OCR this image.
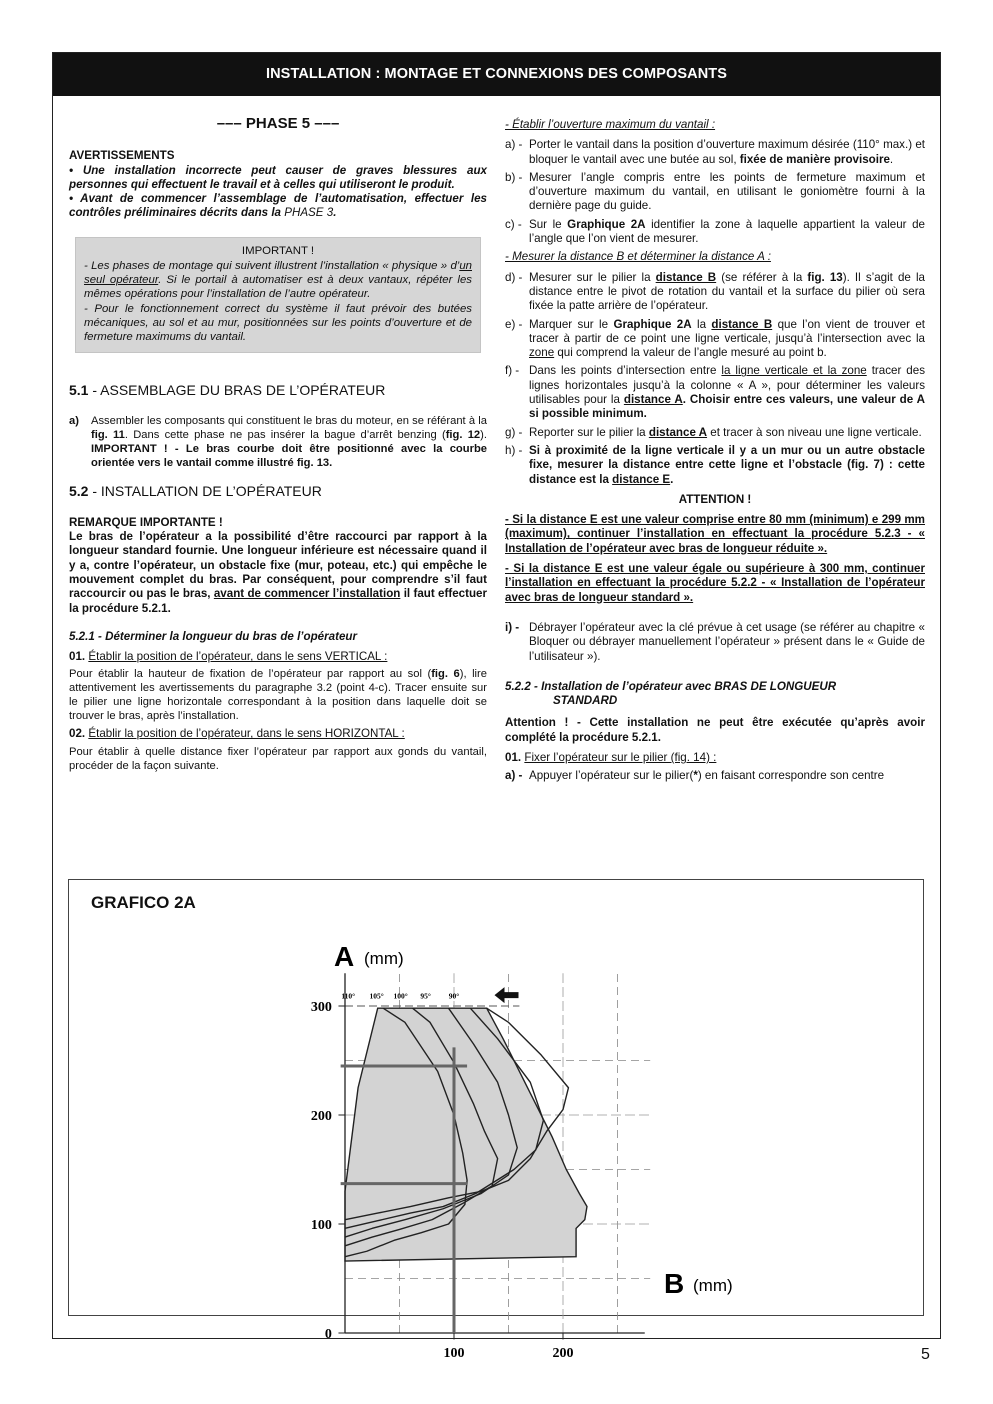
INSTALLATION : MONTAGE ET CONNEXIONS DES COMPOSANTS
––– PHASE 5 –––
AVERTISSEMENTS
• Une installation incorrecte peut causer de graves blessures aux personnes qui effectuent le travail et à celles qui utiliseront le produit.
• Avant de commencer l’assemblage de l’automatisation, effectuer les contrôles préliminaires décrits dans la PHASE 3.
IMPORTANT !
- Les phases de montage qui suivent illustrent l’installation « physique » d’un seul opérateur. Si le portail à automatiser est à deux vantaux, répéter les mêmes opérations pour l’installation de l’autre opérateur.
- Pour le fonctionnement correct du système il faut prévoir des butées mécaniques, au sol et au mur, positionnées sur les points d’ouverture et de fermeture maximums du vantail.
5.1 - ASSEMBLAGE DU BRAS DE L’OPÉRATEUR
a)	Assembler les composants qui constituent le bras du moteur, en se référant à la fig. 11. Dans cette phase ne pas insérer la bague d’arrêt benzing (fig. 12). IMPORTANT ! - Le bras courbe doit être positionné avec la courbe orientée vers le vantail comme illustré fig. 13.
5.2 - INSTALLATION DE L’OPÉRATEUR
REMARQUE IMPORTANTE !
Le bras de l’opérateur a la possibilité d’être raccourci par rapport à la longueur standard fournie. Une longueur inférieure est nécessaire quand il y a, contre l’opérateur, un obstacle fixe (mur, poteau, etc.) qui empêche le mouvement complet du bras. Par conséquent, pour comprendre s’il faut raccourcir ou pas le bras, avant de commencer l’installation il faut effectuer la procédure 5.2.1.
5.2.1 - Déterminer la longueur du bras de l’opérateur
01. Établir la position de l’opérateur, dans le sens VERTICAL :
Pour établir la hauteur de fixation de l’opérateur par rapport au sol (fig. 6), lire attentivement les avertissements du paragraphe 3.2 (point 4-c). Tracer ensuite sur le pilier une ligne horizontale correspondant à la position dans laquelle doit se trouver le bras, après l’installation.
02. Établir la position de l’opérateur, dans le sens HORIZONTAL :
Pour établir à quelle distance fixer l’opérateur par rapport aux gonds du vantail, procéder de la façon suivante.
- Établir l’ouverture maximum du vantail :
a) - Porter le vantail dans la position d’ouverture maximum désirée (110° max.) et bloquer le vantail avec une butée au sol, fixée de manière provisoire.
b) - Mesurer l’angle compris entre les points de fermeture maximum et d’ouverture maximum du vantail, en utilisant le goniomètre fourni à la dernière page du guide.
c) - Sur le Graphique 2A identifier la zone à laquelle appartient la valeur de l’angle que l’on vient de mesurer.
- Mesurer la distance B et déterminer la distance A :
d) - Mesurer sur le pilier la distance B (se référer à la fig. 13). Il s’agit de la distance entre le pivot de rotation du vantail et la surface du pilier où sera fixée la patte arrière de l’opérateur.
e) - Marquer sur le Graphique 2A la distance B que l’on vient de trouver et tracer à partir de ce point une ligne verticale, jusqu’à l’intersection avec la zone qui comprend la valeur de l’angle mesuré au point b.
f) - Dans les points d’intersection entre la ligne verticale et la zone tracer des lignes horizontales jusqu’à la colonne « A », pour déterminer les valeurs utilisables pour la distance A. Choisir entre ces valeurs, une valeur de A si possible minimum.
g) - Reporter sur le pilier la distance A et tracer à son niveau une ligne verticale.
h) - Si à proximité de la ligne verticale il y a un mur ou un autre obstacle fixe, mesurer la distance entre cette ligne et l’obstacle (fig. 7) : cette distance est la distance E.
ATTENTION !
- Si la distance E est une valeur comprise entre 80 mm (minimum) e 299 mm (maximum), continuer l’installation en effectuant la procédure 5.2.3 - « Installation de l’opérateur avec bras de longueur réduite ».
- Si la distance E est une valeur égale ou supérieure à 300 mm, continuer l’installation en effectuant la procédure 5.2.2 - « Installation de l’opérateur avec bras de longueur standard ».
i) - Débrayer l’opérateur avec la clé prévue à cet usage (se référer au chapitre « Bloquer ou débrayer manuellement l’opérateur » présent dans le « Guide de l’utilisateur »).
5.2.2 - Installation de l’opérateur avec BRAS DE LONGUEUR
STANDARD
Attention ! - Cette installation ne peut être exécutée qu’après avoir complété la procédure 5.2.1.
01. Fixer l’opérateur sur le pilier (fig. 14) :
a) - Appuyer l’opérateur sur le pilier(*) en faisant correspondre son centre
GRAFICO 2A
0
100
200
300
100	200
110° 105° 100° 95° 90°
A (mm)
B (mm)
5
